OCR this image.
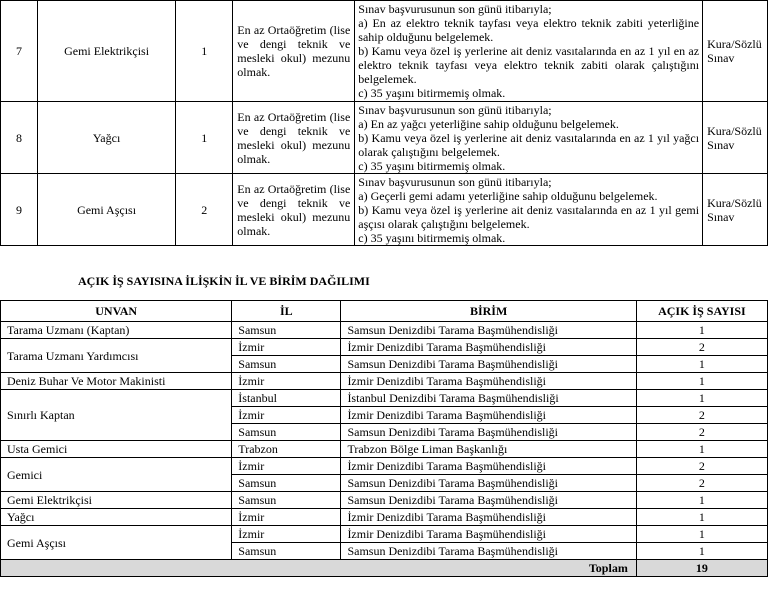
7	Gemi Elektrikçisi	1	En az Ortaöğretim (lise ve dengi teknik ve mesleki okul) mezunu olmak.	Sınav başvurusunun son günü itibarıyla;
a) En az elektro teknik tayfası veya elektro teknik zabiti yeterliğine sahip olduğunu belgelemek.
b) Kamu veya özel iş yerlerine ait deniz vasıtalarında en az 1 yıl en az elektro teknik tayfası veya elektro teknik zabiti olarak çalıştığını belgelemek.
c) 35 yaşını bitirmemiş olmak.	Kura/Sözlü Sınav
8	Yağcı	1	En az Ortaöğretim (lise ve dengi teknik ve mesleki okul) mezunu olmak.	Sınav başvurusunun son günü itibarıyla;
a) En az yağcı yeterliğine sahip olduğunu belgelemek.
b) Kamu veya özel iş yerlerine ait deniz vasıtalarında en az 1 yıl yağcı olarak çalıştığını belgelemek.
c) 35 yaşını bitirmemiş olmak.	Kura/Sözlü Sınav
9	Gemi Aşçısı	2	En az Ortaöğretim (lise ve dengi teknik ve mesleki okul) mezunu olmak.	Sınav başvurusunun son günü itibarıyla;
a) Geçerli gemi adamı yeterliğine sahip olduğunu belgelemek.
b) Kamu veya özel iş yerlerine ait deniz vasıtalarında en az 1 yıl gemi aşçısı olarak çalıştığını belgelemek.
c) 35 yaşını bitirmemiş olmak.	Kura/Sözlü Sınav
AÇIK İŞ SAYISINA İLİŞKİN İL VE BİRİM DAĞILIMI
UNVAN	İL	BİRİM	AÇIK İŞ SAYISI
Tarama Uzmanı (Kaptan)	Samsun	Samsun Denizdibi Tarama Başmühendisliği	1
Tarama Uzmanı Yardımcısı	İzmir	İzmir Denizdibi Tarama Başmühendisliği	2
	Samsun	Samsun Denizdibi Tarama Başmühendisliği	1
Deniz Buhar Ve Motor Makinisti	İzmir	İzmir Denizdibi Tarama Başmühendisliği	1
Sınırlı Kaptan	İstanbul	İstanbul Denizdibi Tarama Başmühendisliği	1
	İzmir	İzmir Denizdibi Tarama Başmühendisliği	2
	Samsun	Samsun Denizdibi Tarama Başmühendisliği	2
Usta Gemici	Trabzon	Trabzon Bölge Liman Başkanlığı	1
Gemici	İzmir	İzmir Denizdibi Tarama Başmühendisliği	2
	Samsun	Samsun Denizdibi Tarama Başmühendisliği	2
Gemi Elektrikçisi	Samsun	Samsun Denizdibi Tarama Başmühendisliği	1
Yağcı	İzmir	İzmir Denizdibi Tarama Başmühendisliği	1
Gemi Aşçısı	İzmir	İzmir Denizdibi Tarama Başmühendisliği	1
	Samsun	Samsun Denizdibi Tarama Başmühendisliği	1
Toplam			19
